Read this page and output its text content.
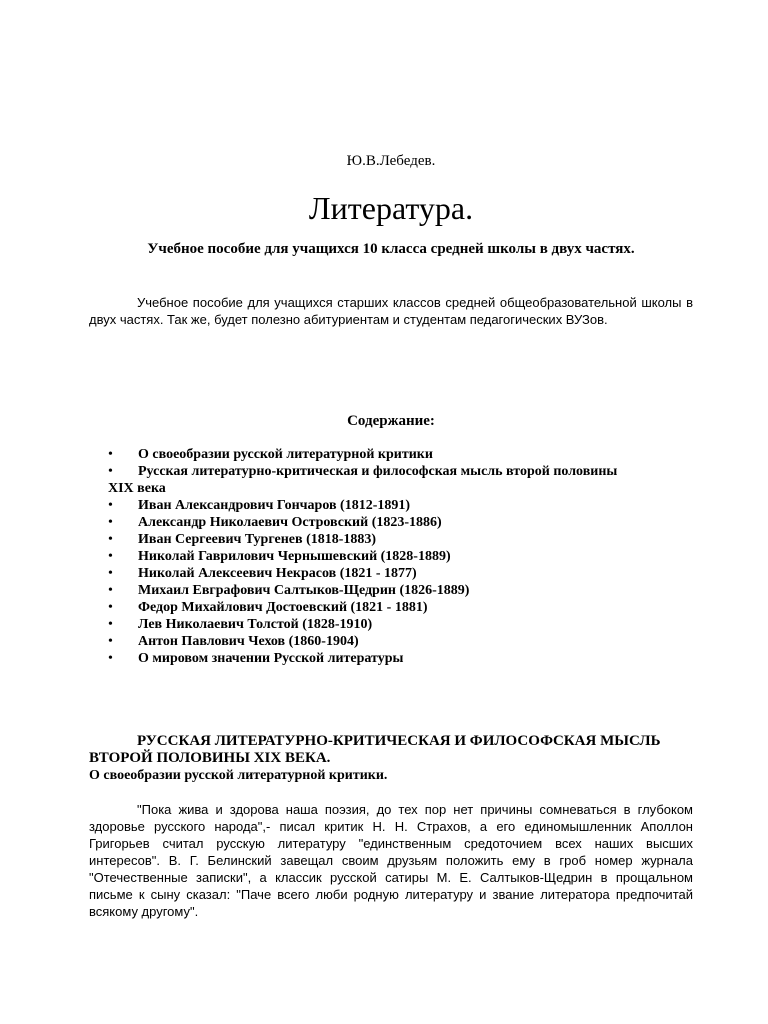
Ю.В.Лебедев.
Литература.
Учебное пособие для учащихся 10 класса средней школы в двух частях.

Учебное пособие для учащихся старших классов средней общеобразовательной школы в двух частях. Так же, будет полезно абитуриентам и студентам педагогических ВУЗов.

Содержание:
• О своеобразии русской литературной критики
• Русская литературно-критическая и философская мысль второй половины
XIX века
• Иван Александрович Гончаров (1812-1891)
• Александр Николаевич Островский (1823-1886)
• Иван Сергеевич Тургенев (1818-1883)
• Николай Гаврилович Чернышевский (1828-1889)
• Николай Алексеевич Некрасов (1821 - 1877)
• Михаил Евграфович Салтыков-Щедрин (1826-1889)
• Федор Михайлович Достоевский (1821 - 1881)
• Лев Николаевич Толстой (1828-1910)
• Антон Павлович Чехов (1860-1904)
• О мировом значении Русской литературы

РУССКАЯ ЛИТЕРАТУРНО-КРИТИЧЕСКАЯ И ФИЛОСОФСКАЯ МЫСЛЬ ВТОРОЙ ПОЛОВИНЫ XIX ВЕКА.

О своеобразии русской литературной критики.

"Пока жива и здорова наша поэзия, до тех пор нет причины сомневаться в глубоком здоровье русского народа",- писал критик Н. Н. Страхов, а его единомышленник Аполлон Григорьев считал русскую литературу "единственным средоточием всех наших высших интересов". В. Г. Белинский завещал своим друзьям положить ему в гроб номер журнала "Отечественные записки", а классик русской сатиры М. Е. Салтыков-Щедрин в прощальном письме к сыну сказал: "Паче всего люби родную литературу и звание литератора предпочитай всякому другому".
